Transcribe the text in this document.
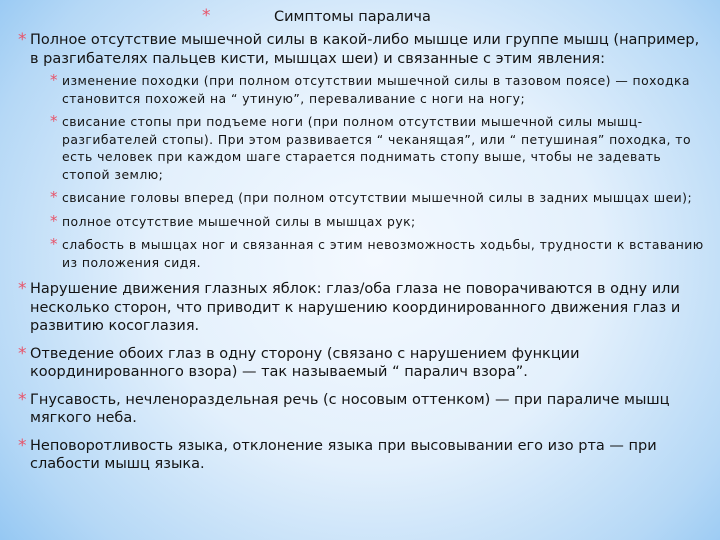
*	Симптомы паралича
* Полное отсутствие мышечной силы в какой-либо мышце или группе мышц (например, в разгибателях пальцев кисти, мышцах шеи) и связанные с этим явления:
* изменение походки (при полном отсутствии мышечной силы в тазовом поясе) — походка становится похожей на “ утиную”, переваливание с ноги на ногу;
* свисание стопы при подъеме ноги (при полном отсутствии мышечной силы мышц-разгибателей стопы). При этом развивается “ чеканящая”, или “ петушиная” походка, то есть человек при каждом шаге старается поднимать стопу выше, чтобы не задевать стопой землю;
* свисание головы вперед (при полном отсутствии мышечной силы в задних мышцах шеи);
* полное отсутствие мышечной силы в мышцах рук;
* слабость в мышцах ног и связанная с этим невозможность ходьбы, трудности к вставанию из положения сидя.
* Нарушение движения глазных яблок: глаз/оба глаза не поворачиваются в одну или несколько сторон, что приводит к нарушению координированного движения глаз и развитию косоглазия.
* Отведение обоих глаз в одну сторону (связано с нарушением функции координированного взора) — так называемый “ паралич взора”.
* Гнусавость, нечленораздельная речь (с носовым оттенком) — при параличе мышц мягкого неба.
* Неповоротливость языка, отклонение языка при высовывании его изо рта — при слабости мышц языка.
